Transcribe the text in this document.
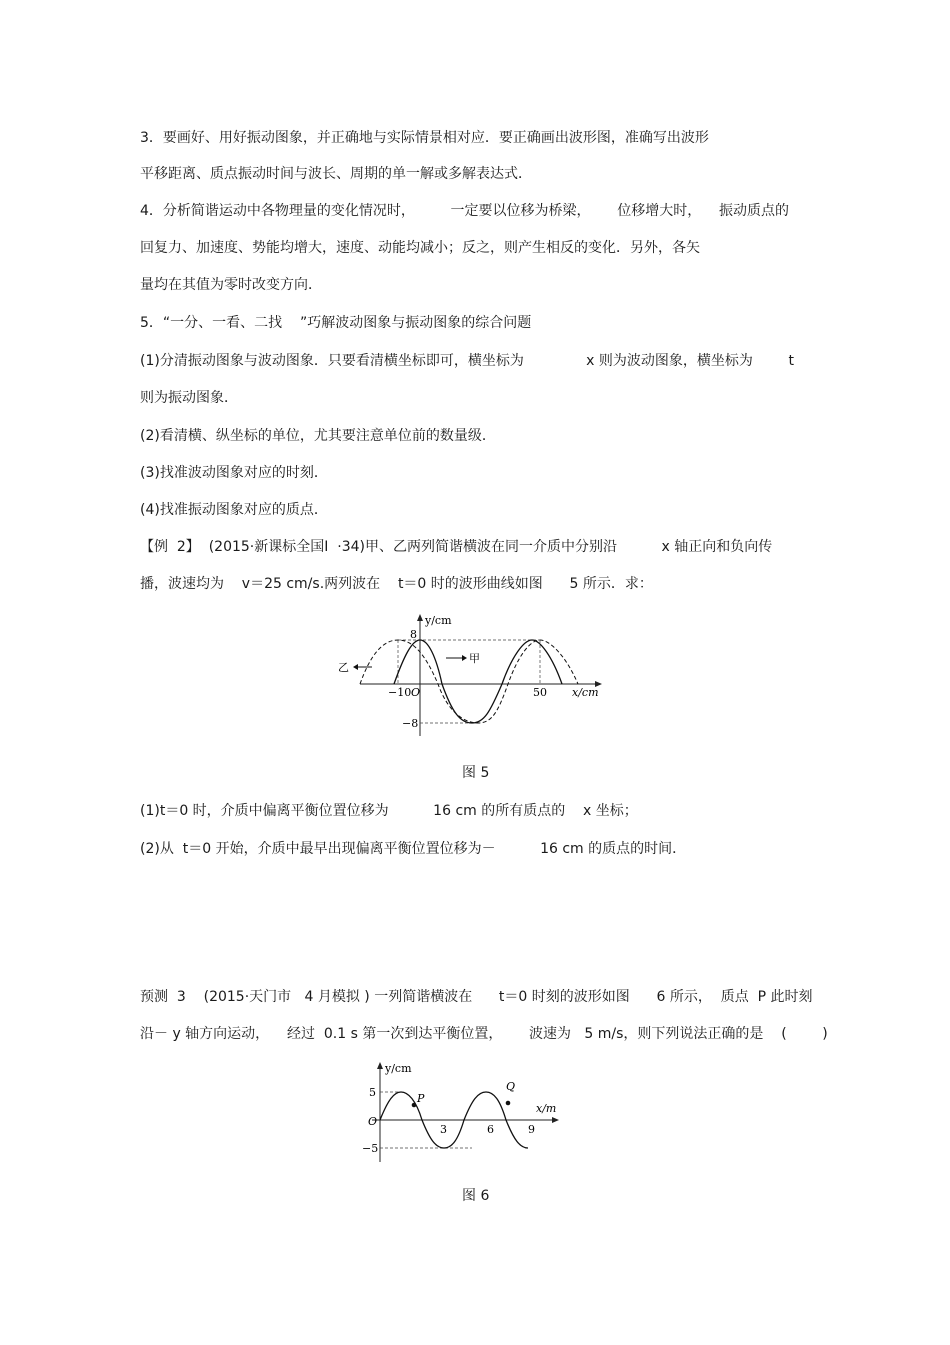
3．要画好、用好振动图象，并正确地与实际情景相对应．要正确画出波形图，准确写出波形
平移距离、质点振动时间与波长、周期的单一解或多解表达式．
4．分析简谐运动中各物理量的变化情况时，        一定要以位移为桥梁，      位移增大时，    振动质点的
回复力、加速度、势能均增大，速度、动能均减小；反之，则产生相反的变化．另外，各矢
量均在其值为零时改变方向．
5．“一分、一看、二找    ”巧解波动图象与振动图象的综合问题
(1)分清振动图象与波动图象．只要看清横坐标即可，横坐标为              x 则为波动图象，横坐标为        t
则为振动图象．
(2)看清横、纵坐标的单位，尤其要注意单位前的数量级．
(3)找准波动图象对应的时刻．
(4)找准振动图象对应的质点．
【例  2】  (2015·新课标全国Ⅰ  ·34)甲、乙两列简谐横波在同一介质中分别沿          x 轴正向和负向传
播，波速均为    v＝25 cm/s.两列波在    t＝0 时的波形曲线如图      5 所示．求：
甲
乙
y/cm
x/cm
8
−8
−10 O	50
图 5
(1)t＝0 时，介质中偏离平衡位置位移为          16 cm 的所有质点的    x 坐标；
(2)从  t＝0 开始，介质中最早出现偏离平衡位置位移为－          16 cm 的质点的时间．
预测  3    (2015·天门市   4 月模拟 ) 一列简谐横波在      t＝0 时刻的波形如图      6 所示，  质点  P 此时刻
沿－ y 轴方向运动，    经过  0.1 s 第一次到达平衡位置，      波速为   5 m/s，则下列说法正确的是    (        )
P
Q
y/cm
x/m
5
−5
O
3	6	9
图 6
